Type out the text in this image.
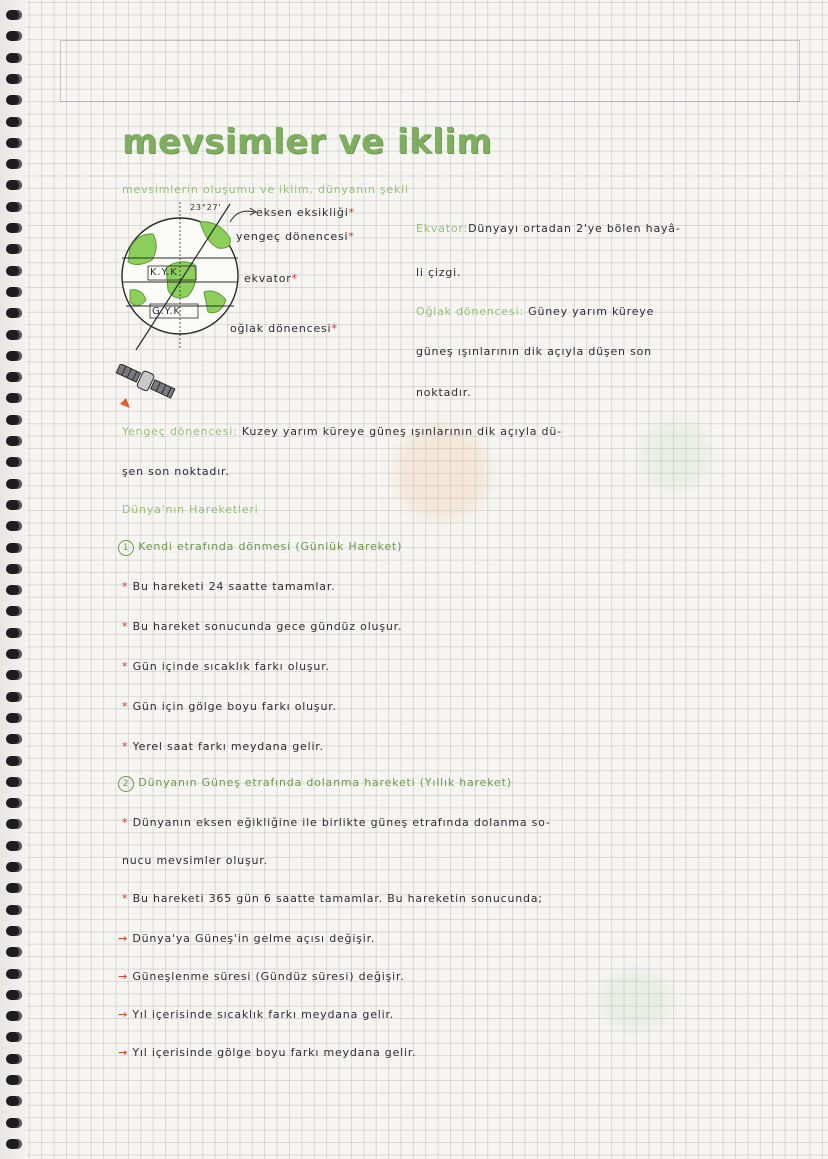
mevsimler ve iklim
mevsimlerin oluşumu ve iklim, dünyanın şekli
23°27'
K.Y.K
G.Y.K
eksen eksikliği*
yengeç dönencesi*
ekvator*
oğlak dönencesi*
Ekvator:Dünyayı ortadan 2'ye bölen hayâ-
li çizgi.
Oğlak dönencesi: Güney yarım küreye
güneş ışınlarının dik açıyla düşen son
noktadır.
Yengeç dönencesi: Kuzey yarım küreye güneş ışınlarının dik açıyla dü-
şen son noktadır.
Dünya'nın Hareketleri
1 Kendi etrafında dönmesi (Günlük Hareket)
* Bu hareketi 24 saatte tamamlar.
* Bu hareket sonucunda gece gündüz oluşur.
* Gün içinde sıcaklık farkı oluşur.
* Gün için gölge boyu farkı oluşur.
* Yerel saat farkı meydana gelir.
2 Dünyanın Güneş etrafında dolanma hareketi (Yıllık hareket)
* Dünyanın eksen eğikliğine ile birlikte güneş etrafında dolanma so-
nucu mevsimler oluşur.
* Bu hareketi 365 gün 6 saatte tamamlar. Bu hareketin sonucunda;
→ Dünya'ya Güneş'in gelme açısı değişir.
→ Güneşlenme süresi (Gündüz süresi) değişir.
→ Yıl içerisinde sıcaklık farkı meydana gelir.
→ Yıl içerisinde gölge boyu farkı meydana gelir.
